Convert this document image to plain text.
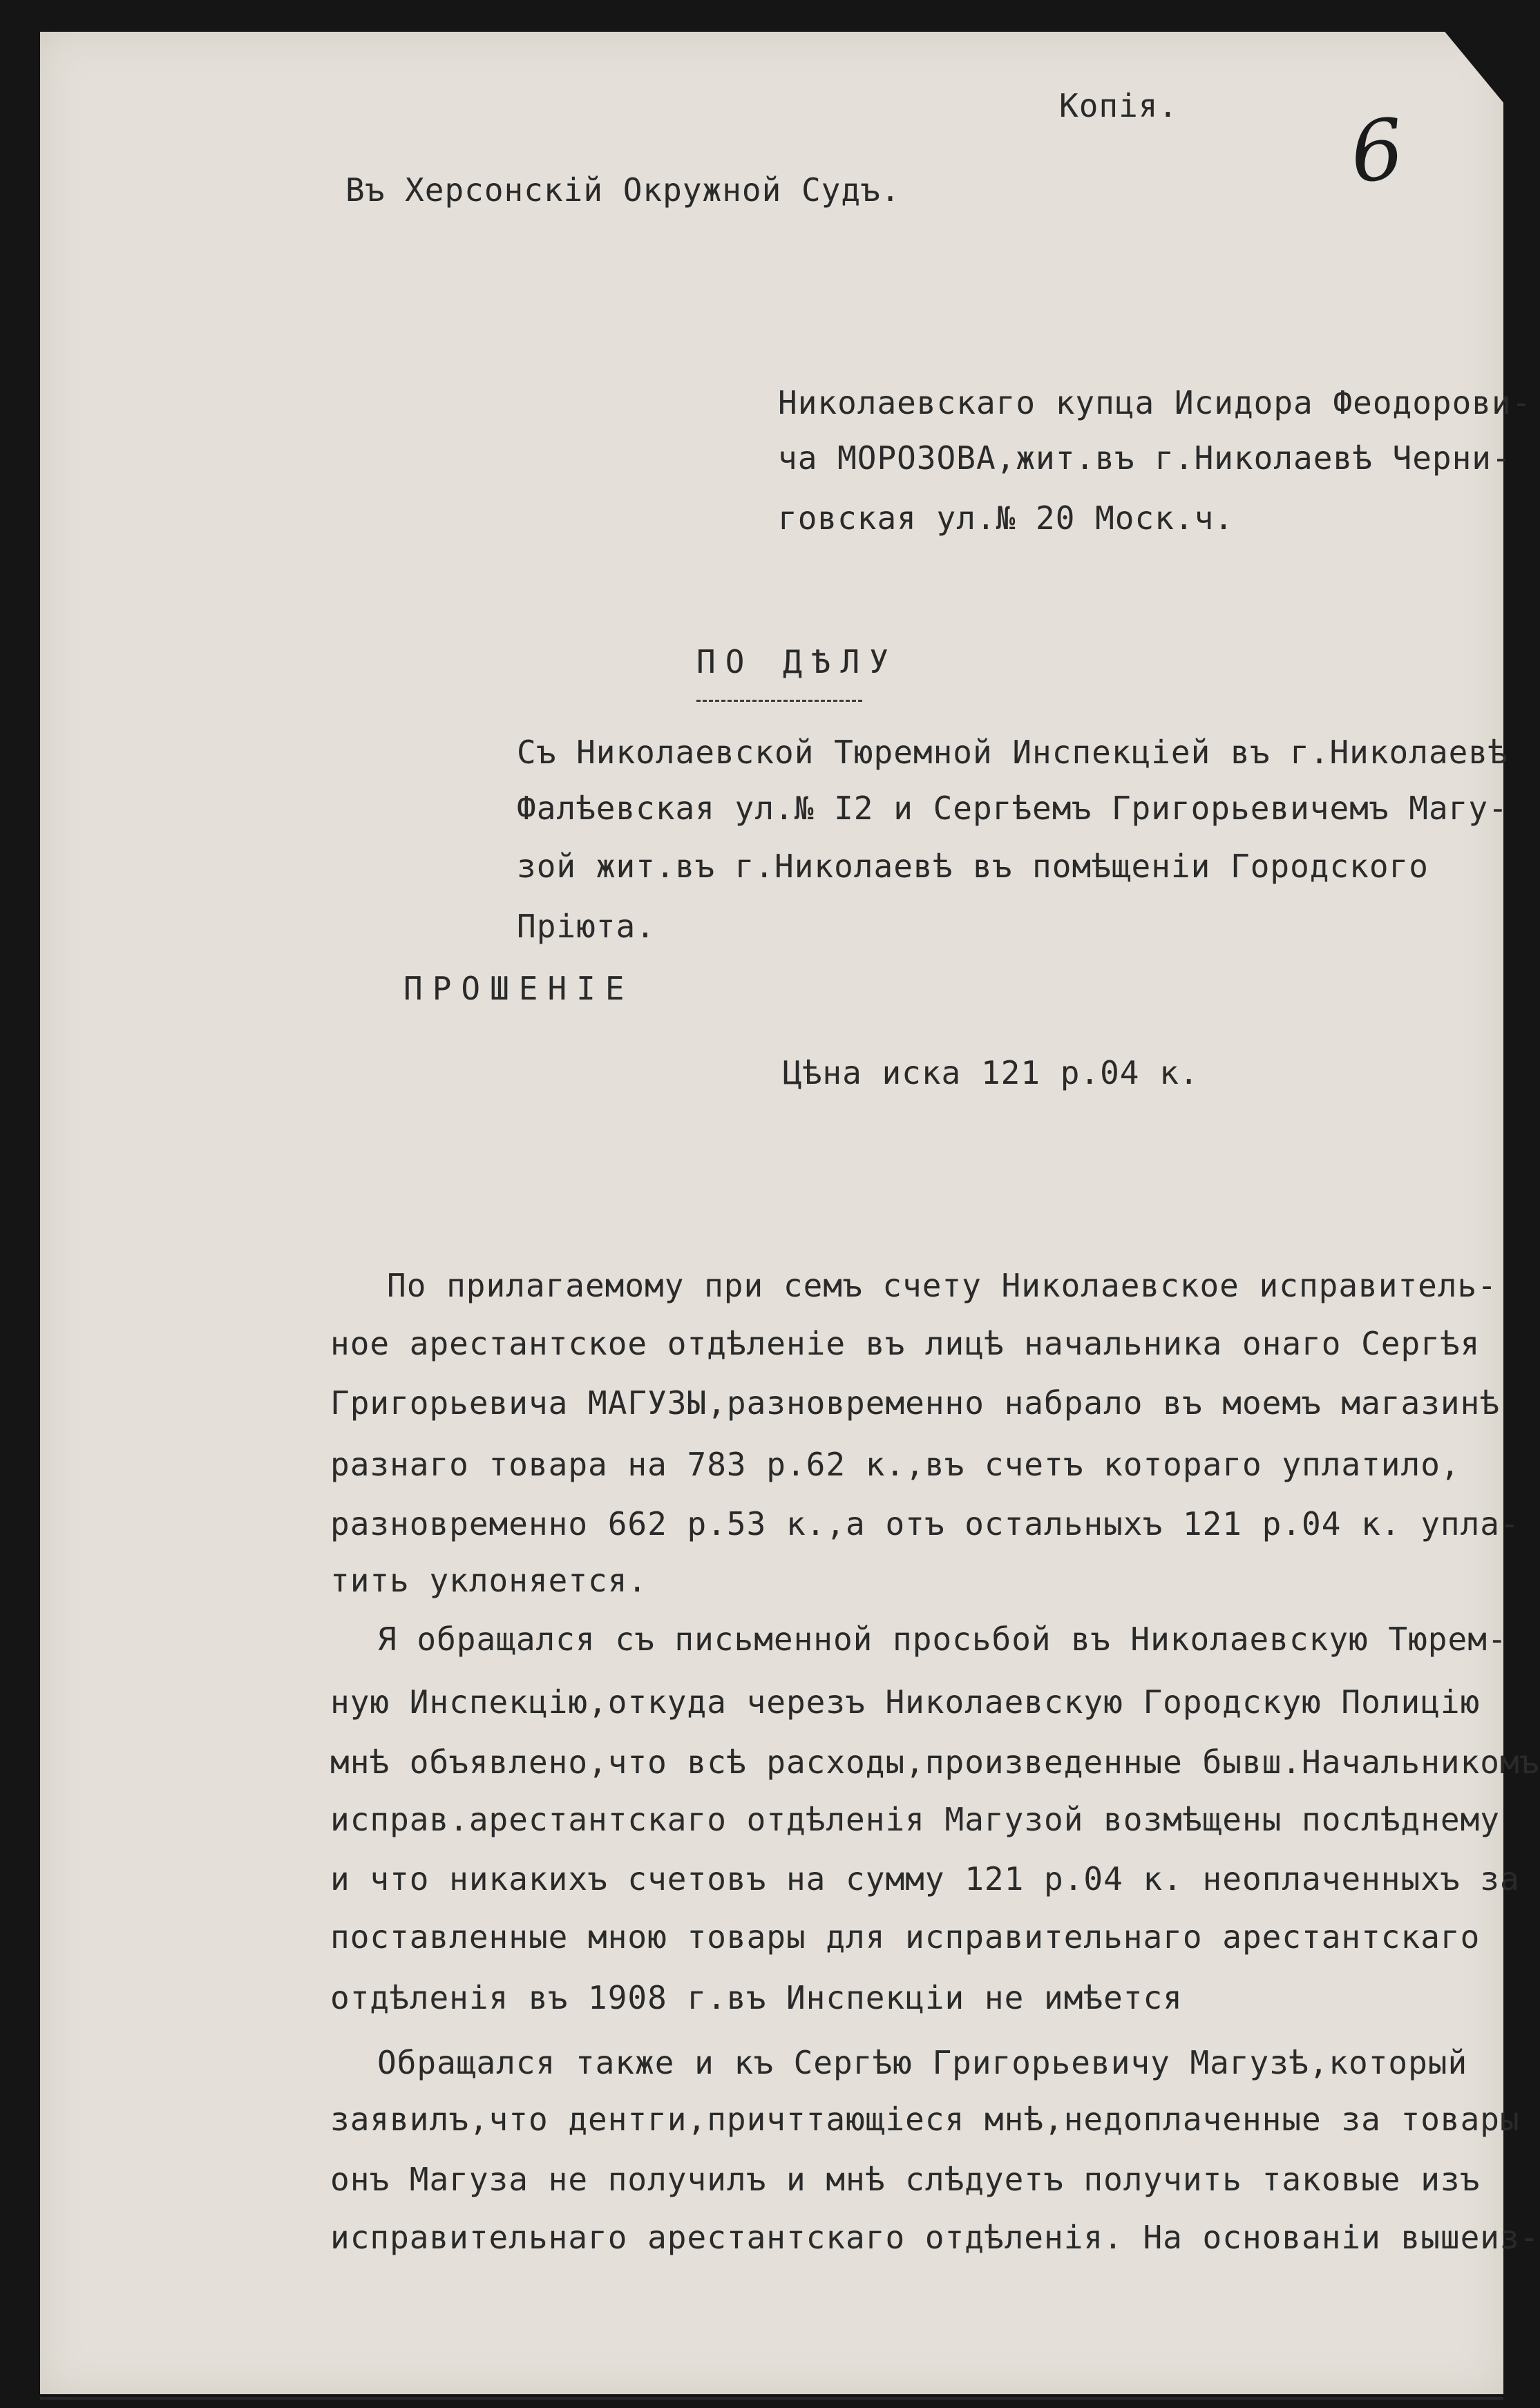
Копія. 6

Въ Херсонскій Окружной Судъ.

Николаевскаго купца Исидора Феодорови-

ча МОРОЗОВА,жит.въ г.Николаевѣ Черни-

говская ул.№ 20 Моск.ч.

ПО ДѢЛУ

Съ Николаевской Тюремной Инспекціей въ г.Николаевѣ

Фалѣевская ул.№ I2 и Сергѣемъ Григорьевичемъ Магу-

зой жит.въ г.Николаевѣ въ помѣщеніи Городского

Пріюта.

ПРОШЕНІЕ

Цѣна иска 121 р.04 к.

По прилагаемому при семъ счету Николаевское исправитель-

ное арестантское отдѣленіе въ лицѣ начальника онаго Сергѣя

Григорьевича МАГУЗЫ,разновременно набрало въ моемъ магазинѣ

разнаго товара на 783 р.62 к.,въ счетъ котораго уплатило,

разновременно 662 р.53 к.,а отъ остальныхъ 121 р.04 к. упла-

тить уклоняется.

Я обращался съ письменной просьбой въ Николаевскую Тюрем-

ную Инспекцію,откуда черезъ Николаевскую Городскую Полицію

мнѣ объявлено,что всѣ расходы,произведенные бывш.Начальникомъ

исправ.арестантскаго отдѣленія Магузой возмѣщены послѣднему

и что никакихъ счетовъ на сумму 121 р.04 к. неоплаченныхъ за

поставленные мною товары для исправительнаго арестантскаго

отдѣленія въ 1908 г.въ Инспекціи не имѣется

Обращался также и къ Сергѣю Григорьевичу Магузѣ,который

заявилъ,что дентги,причттающіеся мнѣ,недоплаченные за товары

онъ Магуза не получилъ и мнѣ слѣдуетъ получить таковые изъ

исправительнаго арестантскаго отдѣленія. На основаніи вышеиз-
